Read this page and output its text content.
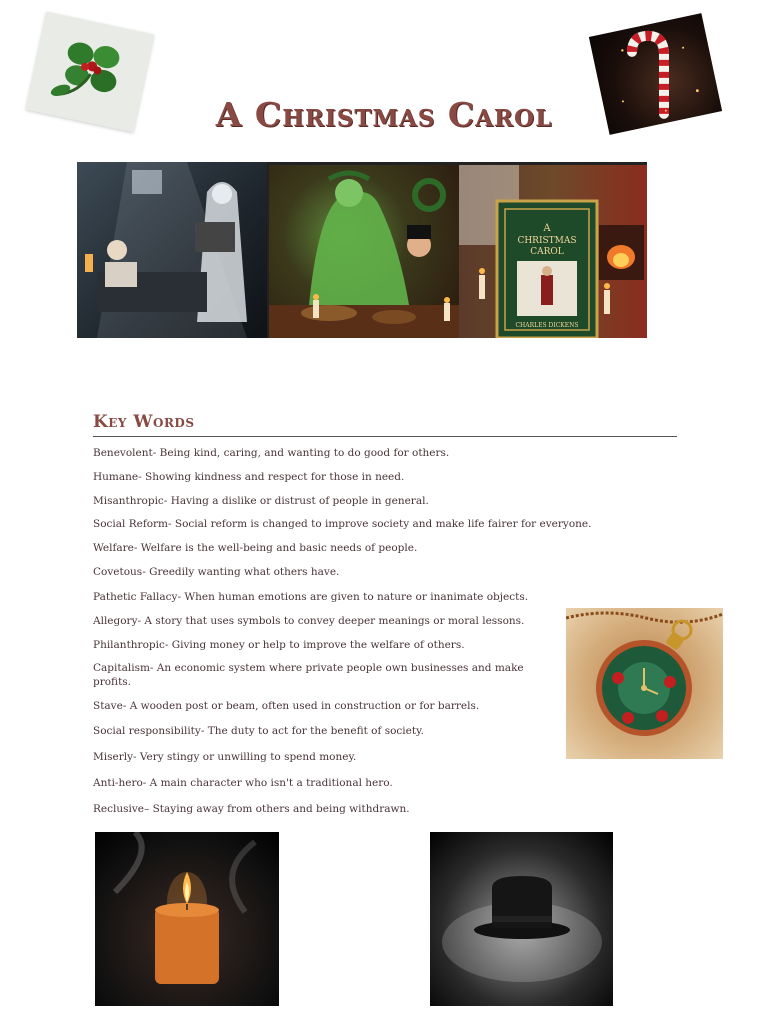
A Christmas Carol
A
CHRISTMAS
CAROL
CHARLES DICKENS
Key Words
Benevolent- Being kind, caring, and wanting to do good for others.
Humane- Showing kindness and respect for those in need.
Misanthropic- Having a dislike or distrust of people in general.
Social Reform- Social reform is changed to improve society and make life fairer for everyone.
Welfare- Welfare is the well-being and basic needs of people.
Covetous- Greedily wanting what others have.
Pathetic Fallacy- When human emotions are given to nature or inanimate objects.
Allegory- A story that uses symbols to convey deeper meanings or moral lessons.
Philanthropic- Giving money or help to improve the welfare of others.
Capitalism- An economic system where private people own businesses and make profits.
Stave- A wooden post or beam, often used in construction or for barrels.
Social responsibility- The duty to act for the benefit of society.
Miserly- Very stingy or unwilling to spend money.
Anti-hero- A main character who isn't a traditional hero.
Reclusive– Staying away from others and being withdrawn.
